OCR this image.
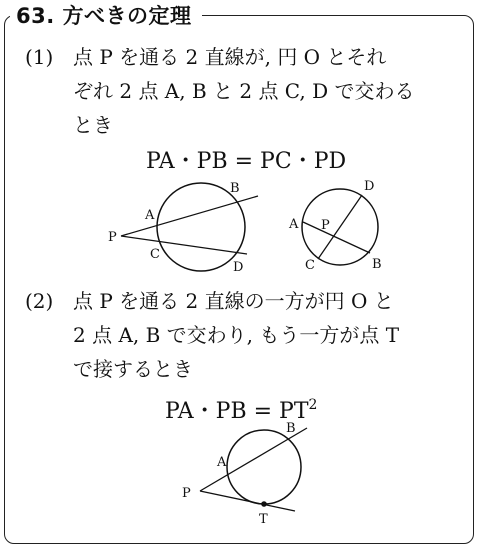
63. 方べきの定理
(1) 点 P を通る 2 直線が, 円 O とそれ
ぞれ 2 点 A, B と 2 点 C, D で交わる
とき
PA・PB = PC・PD
P
A
B
C
D
P
A
B
C
D
(2) 点 P を通る 2 直線の一方が円 O と
2 点 A, B で交わり, もう一方が点 T
で接するとき
PA・PB = $PT^2$
P
A
B
T
